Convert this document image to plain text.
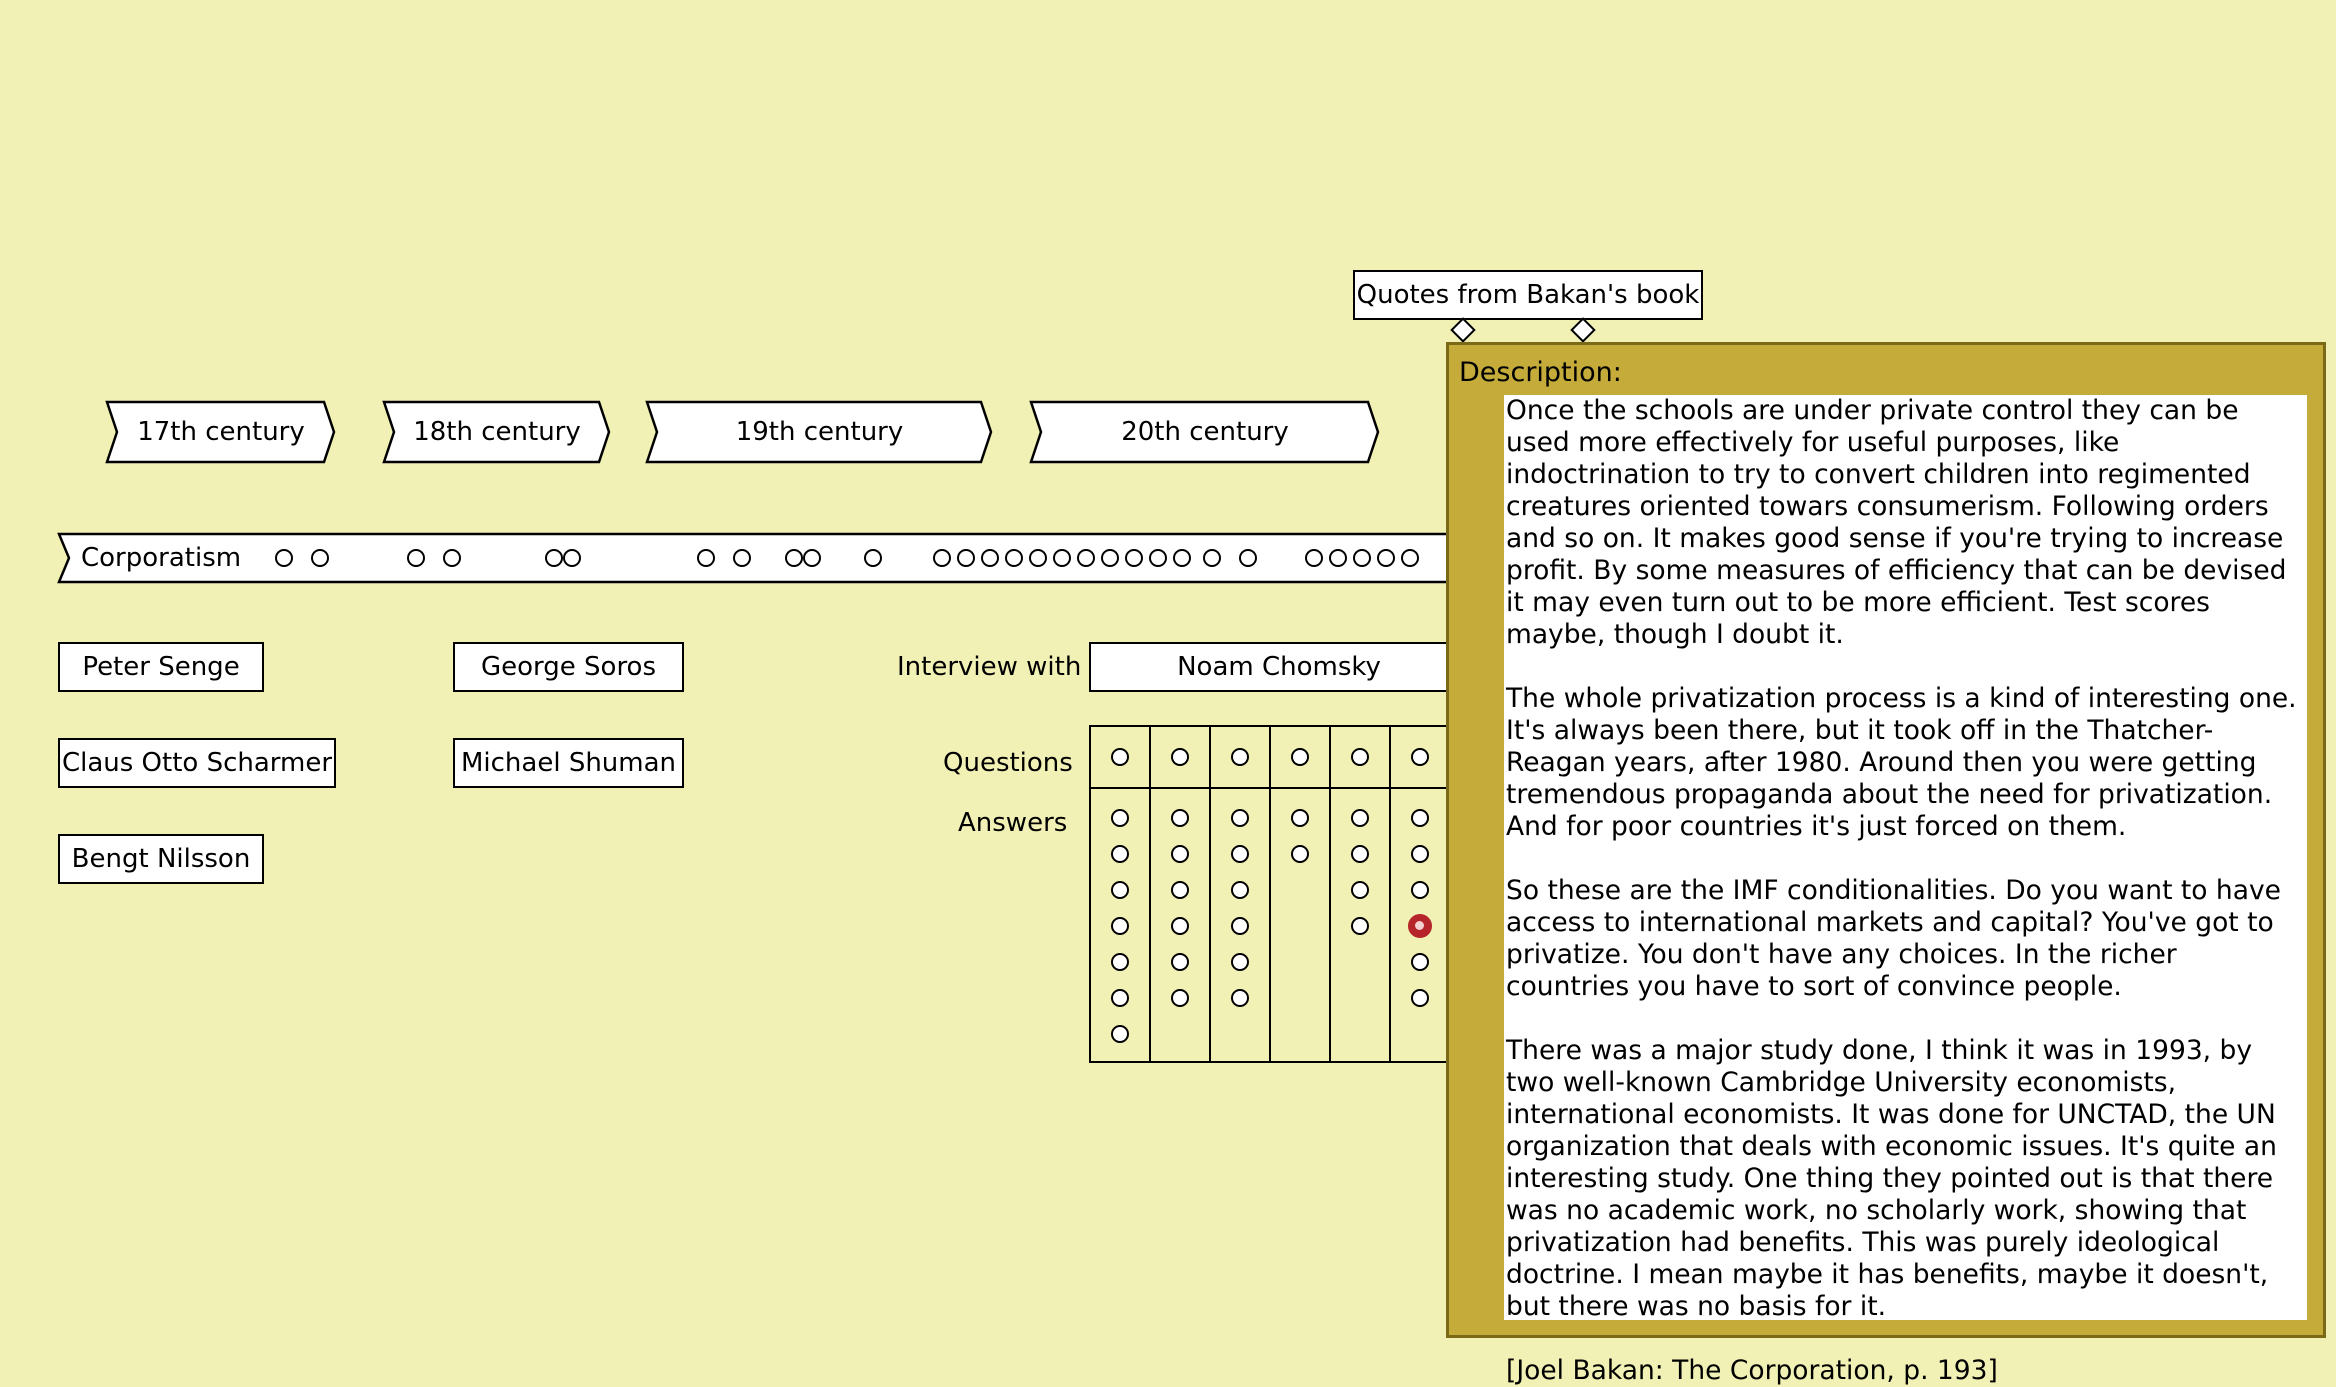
17th century	18th century	19th century	20th century
Corporatism
Peter Senge
Claus Otto Scharmer
Bengt Nilsson
George Soros
Michael Shuman
Interview with	Noam Chomsky
Questions
Answers
Quotes from Bakan's book
Description:

Once the schools are under private control they can be used more effectively for useful purposes, like indoctrination to try to convert children into regimented creatures oriented towars consumerism. Following orders and so on. It makes good sense if you're trying to increase profit. By some measures of efficiency that can be devised it may even turn out to be more efficient. Test scores maybe, though I doubt it.

The whole privatization process is a kind of interesting one. It's always been there, but it took off in the Thatcher-Reagan years, after 1980. Around then you were getting tremendous propaganda about the need for privatization. And for poor countries it's just forced on them.

So these are the IMF conditionalities. Do you want to have access to international markets and capital? You've got to privatize. You don't have any choices. In the richer countries you have to sort of convince people.

There was a major study done, I think it was in 1993, by two well-known Cambridge University economists, international economists. It was done for UNCTAD, the UN organization that deals with economic issues. It's quite an interesting study. One thing they pointed out is that there was no academic work, no scholarly work, showing that privatization had benefits. This was purely ideological doctrine. I mean maybe it has benefits, maybe it doesn't, but there was no basis for it.

[Joel Bakan: The Corporation, p. 193]
